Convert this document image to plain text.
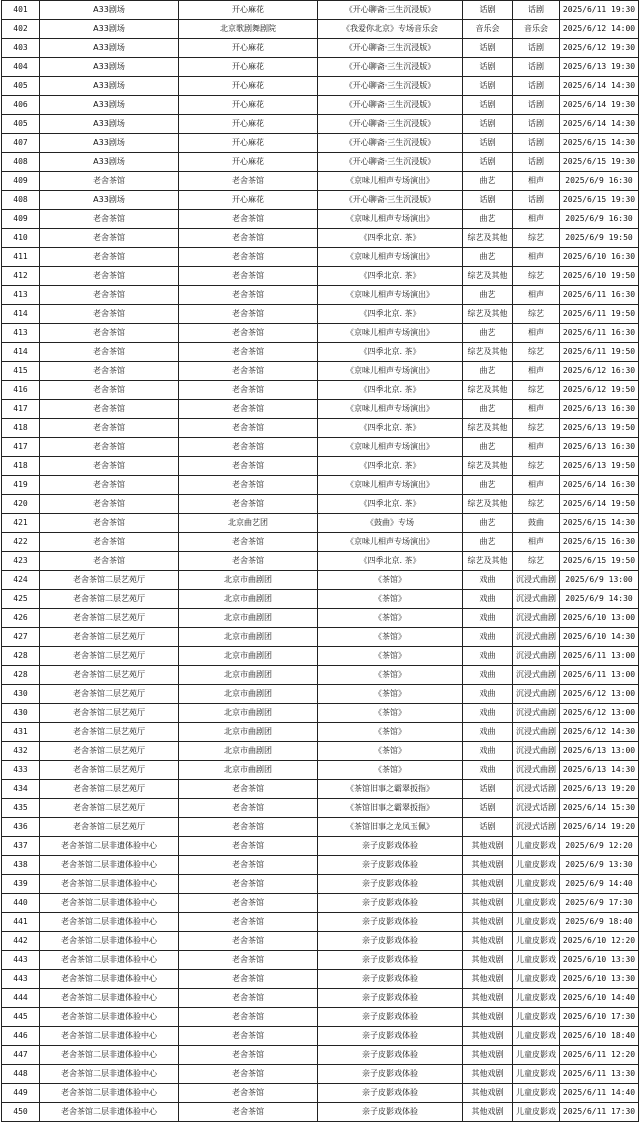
401	A33剧场	开心麻花	《开心聊斋·三生沉浸版》	话剧	话剧	2025/6/11 19:30
402	A33剧场	北京歌剧舞剧院	《我爱你北京》专场音乐会	音乐会	音乐会	2025/6/12 14:00
403	A33剧场	开心麻花	《开心聊斋·三生沉浸版》	话剧	话剧	2025/6/12 19:30
404	A33剧场	开心麻花	《开心聊斋·三生沉浸版》	话剧	话剧	2025/6/13 19:30
405	A33剧场	开心麻花	《开心聊斋·三生沉浸版》	话剧	话剧	2025/6/14 14:30
406	A33剧场	开心麻花	《开心聊斋·三生沉浸版》	话剧	话剧	2025/6/14 19:30
405	A33剧场	开心麻花	《开心聊斋·三生沉浸版》	话剧	话剧	2025/6/14 14:30
407	A33剧场	开心麻花	《开心聊斋·三生沉浸版》	话剧	话剧	2025/6/15 14:30
408	A33剧场	开心麻花	《开心聊斋·三生沉浸版》	话剧	话剧	2025/6/15 19:30
409	老舍茶馆	老舍茶馆	《京味儿相声专场演出》	曲艺	相声	2025/6/9 16:30
408	A33剧场	开心麻花	《开心聊斋·三生沉浸版》	话剧	话剧	2025/6/15 19:30
409	老舍茶馆	老舍茶馆	《京味儿相声专场演出》	曲艺	相声	2025/6/9 16:30
410	老舍茶馆	老舍茶馆	《四季北京. 茶》	综艺及其他	综艺	2025/6/9 19:50
411	老舍茶馆	老舍茶馆	《京味儿相声专场演出》	曲艺	相声	2025/6/10 16:30
412	老舍茶馆	老舍茶馆	《四季北京. 茶》	综艺及其他	综艺	2025/6/10 19:50
413	老舍茶馆	老舍茶馆	《京味儿相声专场演出》	曲艺	相声	2025/6/11 16:30
414	老舍茶馆	老舍茶馆	《四季北京. 茶》	综艺及其他	综艺	2025/6/11 19:50
413	老舍茶馆	老舍茶馆	《京味儿相声专场演出》	曲艺	相声	2025/6/11 16:30
414	老舍茶馆	老舍茶馆	《四季北京. 茶》	综艺及其他	综艺	2025/6/11 19:50
415	老舍茶馆	老舍茶馆	《京味儿相声专场演出》	曲艺	相声	2025/6/12 16:30
416	老舍茶馆	老舍茶馆	《四季北京. 茶》	综艺及其他	综艺	2025/6/12 19:50
417	老舍茶馆	老舍茶馆	《京味儿相声专场演出》	曲艺	相声	2025/6/13 16:30
418	老舍茶馆	老舍茶馆	《四季北京. 茶》	综艺及其他	综艺	2025/6/13 19:50
417	老舍茶馆	老舍茶馆	《京味儿相声专场演出》	曲艺	相声	2025/6/13 16:30
418	老舍茶馆	老舍茶馆	《四季北京. 茶》	综艺及其他	综艺	2025/6/13 19:50
419	老舍茶馆	老舍茶馆	《京味儿相声专场演出》	曲艺	相声	2025/6/14 16:30
420	老舍茶馆	老舍茶馆	《四季北京. 茶》	综艺及其他	综艺	2025/6/14 19:50
421	老舍茶馆	北京曲艺团	《鼓曲》专场	曲艺	鼓曲	2025/6/15 14:30
422	老舍茶馆	老舍茶馆	《京味儿相声专场演出》	曲艺	相声	2025/6/15 16:30
423	老舍茶馆	老舍茶馆	《四季北京. 茶》	综艺及其他	综艺	2025/6/15 19:50
424	老舍茶馆二层艺苑厅	北京市曲剧团	《茶馆》	戏曲	沉浸式曲剧	2025/6/9 13:00
425	老舍茶馆二层艺苑厅	北京市曲剧团	《茶馆》	戏曲	沉浸式曲剧	2025/6/9 14:30
426	老舍茶馆二层艺苑厅	北京市曲剧团	《茶馆》	戏曲	沉浸式曲剧	2025/6/10 13:00
427	老舍茶馆二层艺苑厅	北京市曲剧团	《茶馆》	戏曲	沉浸式曲剧	2025/6/10 14:30
428	老舍茶馆二层艺苑厅	北京市曲剧团	《茶馆》	戏曲	沉浸式曲剧	2025/6/11 13:00
428	老舍茶馆二层艺苑厅	北京市曲剧团	《茶馆》	戏曲	沉浸式曲剧	2025/6/11 13:00
430	老舍茶馆二层艺苑厅	北京市曲剧团	《茶馆》	戏曲	沉浸式曲剧	2025/6/12 13:00
430	老舍茶馆二层艺苑厅	北京市曲剧团	《茶馆》	戏曲	沉浸式曲剧	2025/6/12 13:00
431	老舍茶馆二层艺苑厅	北京市曲剧团	《茶馆》	戏曲	沉浸式曲剧	2025/6/12 14:30
432	老舍茶馆二层艺苑厅	北京市曲剧团	《茶馆》	戏曲	沉浸式曲剧	2025/6/13 13:00
433	老舍茶馆二层艺苑厅	北京市曲剧团	《茶馆》	戏曲	沉浸式曲剧	2025/6/13 14:30
434	老舍茶馆二层艺苑厅	老舍茶馆	《茶馆旧事之霸翠扳指》	话剧	沉浸式话剧	2025/6/13 19:20
435	老舍茶馆二层艺苑厅	老舍茶馆	《茶馆旧事之霸翠扳指》	话剧	沉浸式话剧	2025/6/14 15:30
436	老舍茶馆二层艺苑厅	老舍茶馆	《茶馆旧事之龙凤玉佩》	话剧	沉浸式话剧	2025/6/14 19:20
437	老舍茶馆二层非遗体验中心	老舍茶馆	亲子皮影戏体验	其他戏剧	儿童皮影戏	2025/6/9 12:20
438	老舍茶馆二层非遗体验中心	老舍茶馆	亲子皮影戏体验	其他戏剧	儿童皮影戏	2025/6/9 13:30
439	老舍茶馆二层非遗体验中心	老舍茶馆	亲子皮影戏体验	其他戏剧	儿童皮影戏	2025/6/9 14:40
440	老舍茶馆二层非遗体验中心	老舍茶馆	亲子皮影戏体验	其他戏剧	儿童皮影戏	2025/6/9 17:30
441	老舍茶馆二层非遗体验中心	老舍茶馆	亲子皮影戏体验	其他戏剧	儿童皮影戏	2025/6/9 18:40
442	老舍茶馆二层非遗体验中心	老舍茶馆	亲子皮影戏体验	其他戏剧	儿童皮影戏	2025/6/10 12:20
443	老舍茶馆二层非遗体验中心	老舍茶馆	亲子皮影戏体验	其他戏剧	儿童皮影戏	2025/6/10 13:30
443	老舍茶馆二层非遗体验中心	老舍茶馆	亲子皮影戏体验	其他戏剧	儿童皮影戏	2025/6/10 13:30
444	老舍茶馆二层非遗体验中心	老舍茶馆	亲子皮影戏体验	其他戏剧	儿童皮影戏	2025/6/10 14:40
445	老舍茶馆二层非遗体验中心	老舍茶馆	亲子皮影戏体验	其他戏剧	儿童皮影戏	2025/6/10 17:30
446	老舍茶馆二层非遗体验中心	老舍茶馆	亲子皮影戏体验	其他戏剧	儿童皮影戏	2025/6/10 18:40
447	老舍茶馆二层非遗体验中心	老舍茶馆	亲子皮影戏体验	其他戏剧	儿童皮影戏	2025/6/11 12:20
448	老舍茶馆二层非遗体验中心	老舍茶馆	亲子皮影戏体验	其他戏剧	儿童皮影戏	2025/6/11 13:30
449	老舍茶馆二层非遗体验中心	老舍茶馆	亲子皮影戏体验	其他戏剧	儿童皮影戏	2025/6/11 14:40
450	老舍茶馆二层非遗体验中心	老舍茶馆	亲子皮影戏体验	其他戏剧	儿童皮影戏	2025/6/11 17:30
